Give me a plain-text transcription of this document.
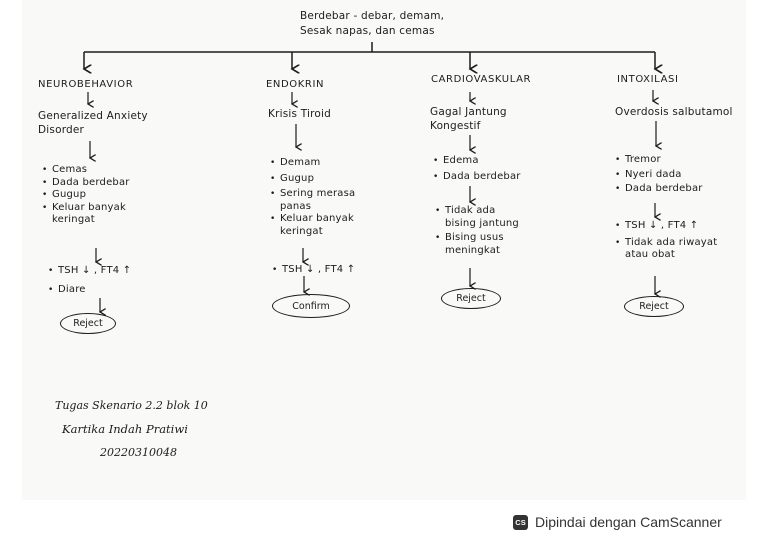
Berdebar - debar, demam,
Sesak napas, dan cemas
NEUROBEHAVIOR
Generalized Anxiety
Disorder
• Cemas
• Dada berdebar
• Gugup
• Keluar banyak keringat
• TSH ↓ , FT4 ↑
• Diare
Reject
ENDOKRIN
Krisis Tiroid
• Demam
• Gugup
• Sering merasa panas
• Keluar banyak keringat
• TSH ↓ , FT4 ↑
Confirm
CARDIOVASKULAR
Gagal Jantung
Kongestif
• Edema
• Dada berdebar
• Tidak ada bising jantung
• Bising usus meningkat
Reject
INTOXILASI
Overdosis salbutamol
• Tremor
• Nyeri dada
• Dada berdebar
• TSH ↓ , FT4 ↑
• Tidak ada riwayat atau obat
Reject
Tugas Skenario 2.2 blok 10
Kartika Indah Pratiwi
20220310048
CS Dipindai dengan CamScanner
